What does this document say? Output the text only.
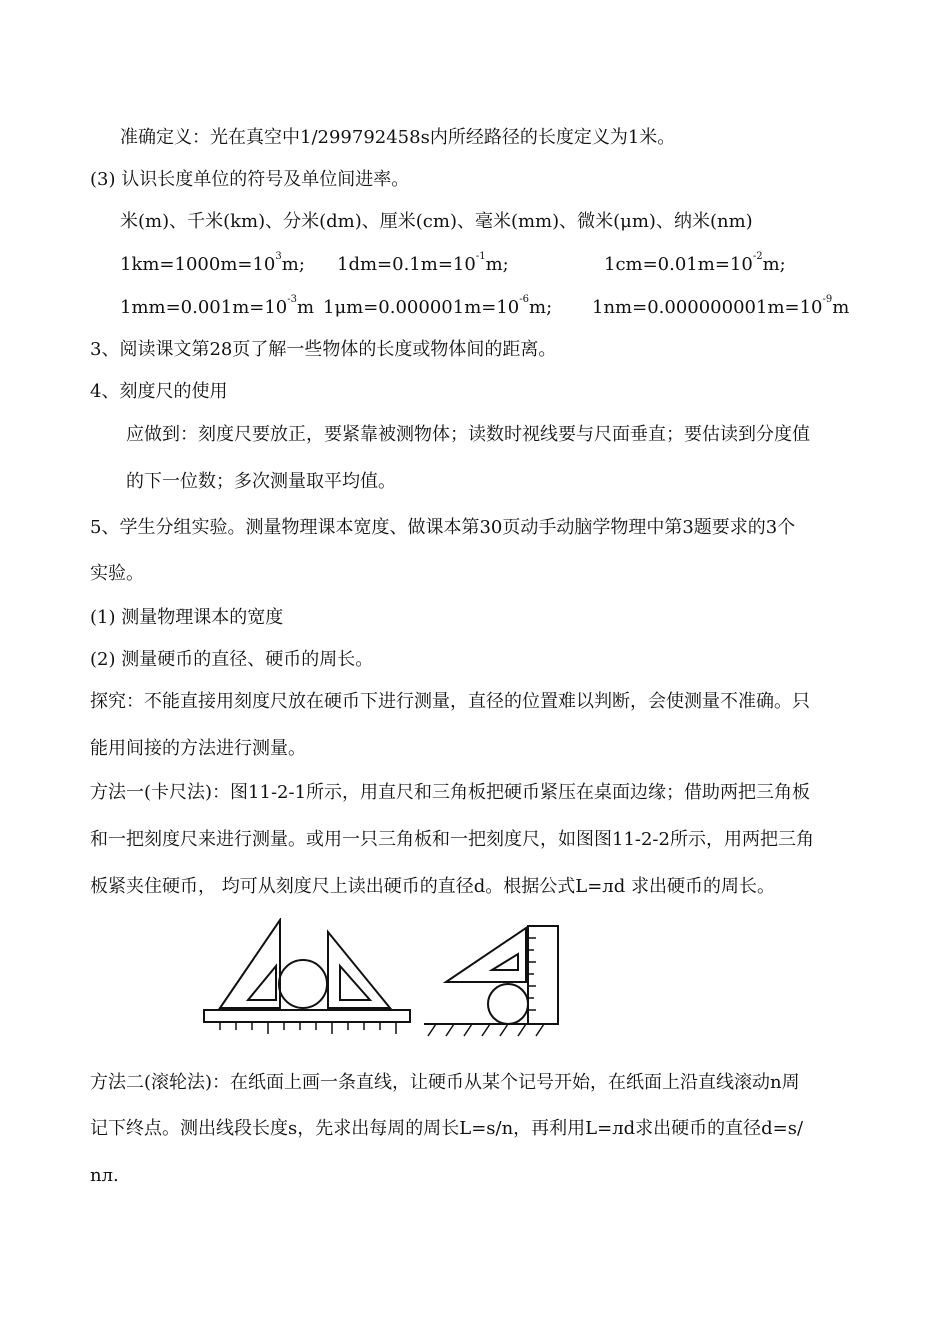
准确定义：光在真空中1/299792458s内所经路径的长度定义为1米。
(3) 认识长度单位的符号及单位间进率。
米(m)、千米(km)、分米(dm)、厘米(cm)、毫米(mm)、微米(μm)、纳米(nm)
$1km=1000m=10^3m$; $1dm=0.1m=10^{-1}m$;	$1cm=0.01m=10^{-2}m$;
$1mm=0.001m=10^{-3}m$ $1\mu m=0.000001m=10^{-6}m$; $1nm=0.000000001m=10^{-9}m$
3、阅读课文第28页了解一些物体的长度或物体间的距离。
4、刻度尺的使用
应做到：刻度尺要放正，要紧靠被测物体；读数时视线要与尺面垂直；要估读到分度值
的下一位数；多次测量取平均值。
5、学生分组实验。测量物理课本宽度、做课本第30页动手动脑学物理中第3题要求的3个
实验。
(1) 测量物理课本的宽度
(2) 测量硬币的直径、硬币的周长。
探究：不能直接用刻度尺放在硬币下进行测量，直径的位置难以判断，会使测量不准确。只
能用间接的方法进行测量。
方法一(卡尺法)：图11-2-1所示，用直尺和三角板把硬币紧压在桌面边缘；借助两把三角板
和一把刻度尺来进行测量。或用一只三角板和一把刻度尺，如图图11-2-2所示，用两把三角
板紧夹住硬币， 均可从刻度尺上读出硬币的直径d。根据公式L=лd 求出硬币的周长。
方法二(滚轮法)：在纸面上画一条直线，让硬币从某个记号开始，在纸面上沿直线滚动n周
记下终点。测出线段长度s，先求出每周的周长L=s/n，再利用L=лd求出硬币的直径d=s/
nл.
